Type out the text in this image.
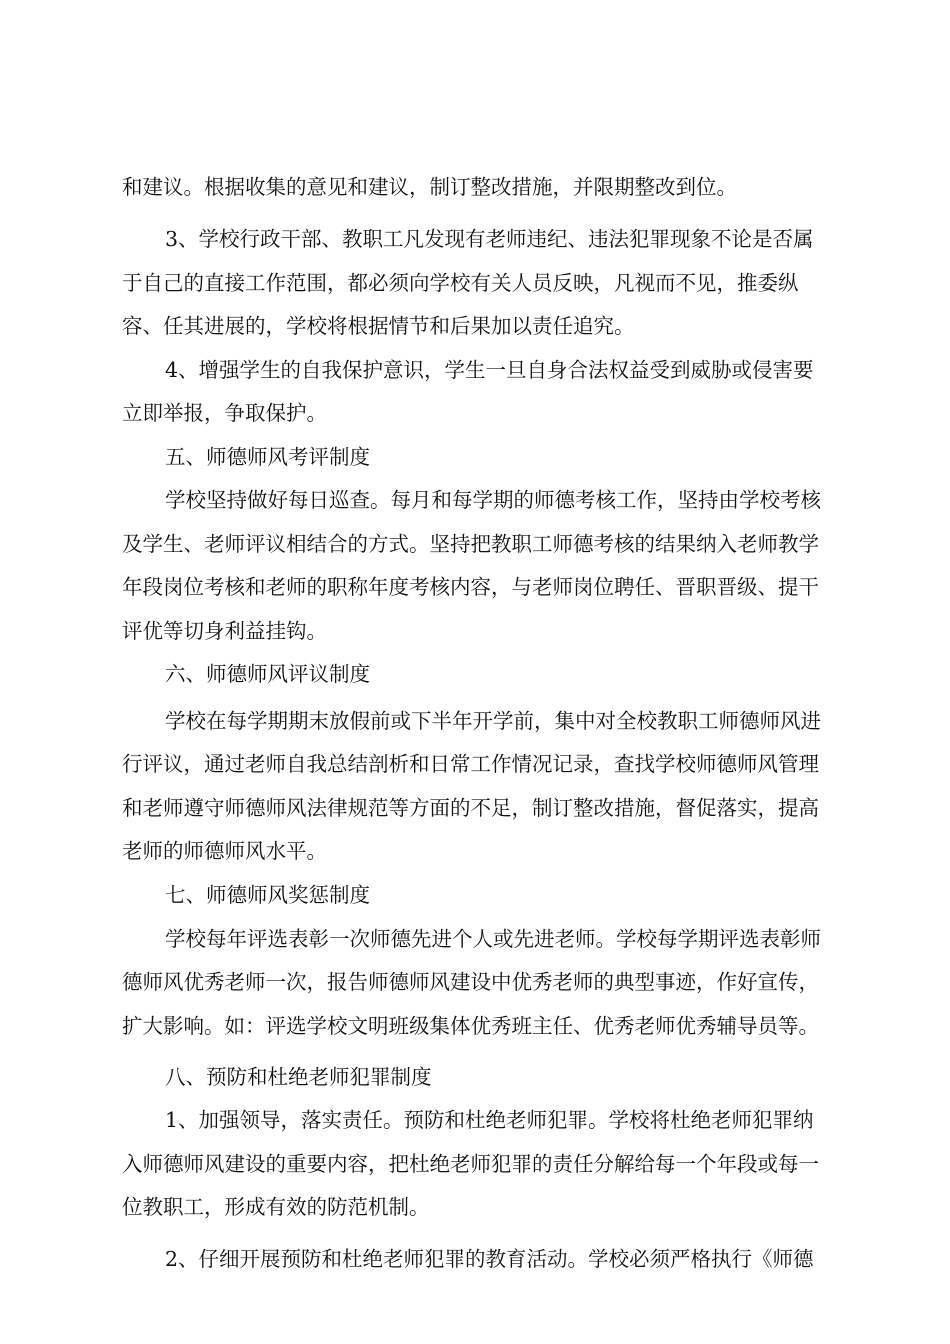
和建议。根据收集的意见和建议，制订整改措施，并限期整改到位。
3、学校行政干部、教职工凡发现有老师违纪、违法犯罪现象不论是否属
于自己的直接工作范围，都必须向学校有关人员反映，凡视而不见，推委纵
容、任其进展的，学校将根据情节和后果加以责任追究。
4、增强学生的自我保护意识，学生一旦自身合法权益受到威胁或侵害要
立即举报，争取保护。
五、师德师风考评制度
学校坚持做好每日巡查。每月和每学期的师德考核工作，坚持由学校考核
及学生、老师评议相结合的方式。坚持把教职工师德考核的结果纳入老师教学
年段岗位考核和老师的职称年度考核内容，与老师岗位聘任、晋职晋级、提干
评优等切身利益挂钩。
六、师德师风评议制度
学校在每学期期末放假前或下半年开学前，集中对全校教职工师德师风进
行评议，通过老师自我总结剖析和日常工作情况记录，查找学校师德师风管理
和老师遵守师德师风法律规范等方面的不足，制订整改措施，督促落实，提高
老师的师德师风水平。
七、师德师风奖惩制度
学校每年评选表彰一次师德先进个人或先进老师。学校每学期评选表彰师
德师风优秀老师一次，报告师德师风建设中优秀老师的典型事迹，作好宣传，
扩大影响。如：评选学校文明班级集体优秀班主任、优秀老师优秀辅导员等。
八、预防和杜绝老师犯罪制度
1、加强领导，落实责任。预防和杜绝老师犯罪。学校将杜绝老师犯罪纳
入师德师风建设的重要内容，把杜绝老师犯罪的责任分解给每一个年段或每一
位教职工，形成有效的防范机制。
2、仔细开展预防和杜绝老师犯罪的教育活动。学校必须严格执行《师德
